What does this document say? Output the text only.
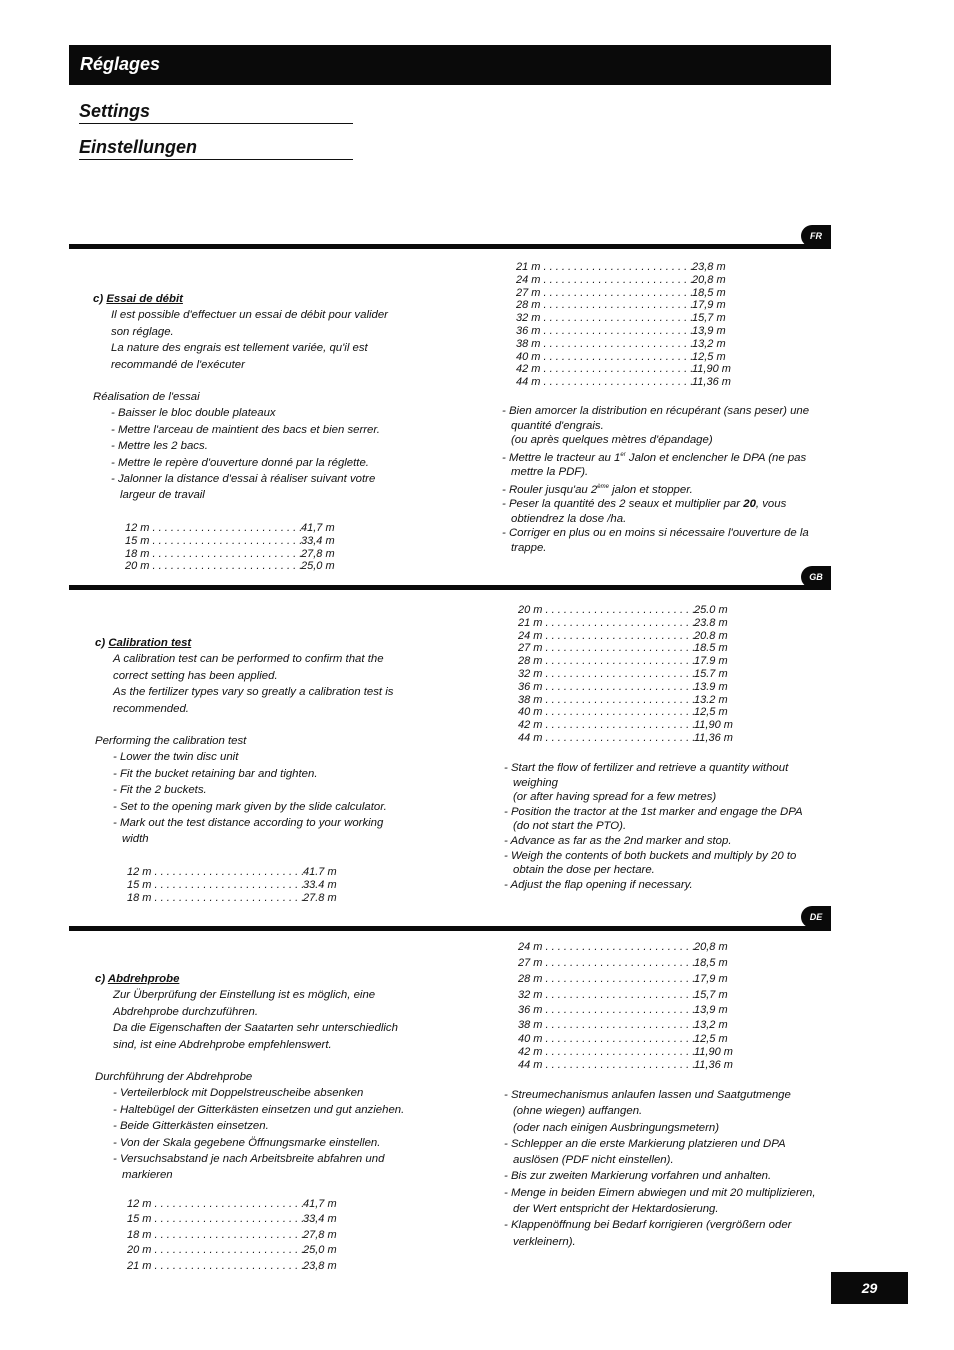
Réglages
Settings
Einstellungen
FR

c) Essai de débit

Il est possible d'effectuer un essai de débit pour valider

son réglage.

La nature des engrais est tellement variée, qu'il est

recommandé de l'exécuter

Réalisation de l'essai

- Baisser le bloc double plateaux

- Mettre l'arceau de maintient des bacs et bien serrer.

- Mettre les 2 bacs.

- Mettre le repère d'ouverture donné par la réglette.

- Jalonner la distance d'essai à réaliser suivant votre

largeur de travail

12 m . . .	41,7 m
15 m . . .	33,4 m
18 m . . .	27,8 m
20 m . . .	25,0 m
21 m . . .	23,8 m
24 m . . .	20,8 m
27 m . . .	18,5 m
28 m . . .	17,9 m
32 m . . .	15,7 m
36 m . . .	13,9 m
38 m . . .	13,2 m
40 m . . .	12,5 m
42 m . . .	11,90 m
44 m . . .	11,36 m

- Bien amorcer la distribution en récupérant (sans peser) une quantité d'engrais.

(ou après quelques mètres d'épandage)

- Mettre le tracteur au 1er Jalon et enclencher le DPA (ne pas mettre la PDF).

- Rouler jusqu'au 2ème jalon et stopper.

- Peser la quantité des 2 seaux et multiplier par 20, vous obtiendrez la dose /ha.

- Corriger en plus ou en moins si nécessaire l'ouverture de la trappe.

GB

c) Calibration test

A calibration test can be performed to confirm that the

correct setting has been applied.

As the fertilizer types vary so greatly a calibration test is

recommended.

Performing the calibration test

- Lower the twin disc unit

- Fit the bucket retaining bar and tighten.

- Fit the 2 buckets.

- Set to the opening mark given by the slide calculator.

- Mark out the test distance according to your working

width

12 m . . .	41.7 m
15 m . . .	33.4 m
18 m . . .	27.8 m
20 m . . .	25.0 m
21 m . . .	23.8 m
24 m . . .	20.8 m
27 m . . .	18.5 m
28 m . . .	17.9 m
32 m . . .	15.7 m
36 m . . .	13.9 m
38 m . . .	13.2 m
40 m . . .	12,5 m
42 m . . .	11,90 m
44 m . . .	11,36 m

- Start the flow of fertilizer and retrieve a quantity without weighing

(or after having spread for a few metres)

- Position the tractor at the 1st marker and engage the DPA (do not start the PTO).

- Advance as far as the 2nd marker and stop.

- Weigh the contents of both buckets and multiply by 20 to obtain the dose per hectare.

- Adjust the flap opening if necessary.

DE

c) Abdrehprobe

Zur Überprüfung der Einstellung ist es möglich, eine

Abdrehprobe durchzuführen.

Da die Eigenschaften der Saatarten sehr unterschiedlich

sind, ist eine Abdrehprobe empfehlenswert.

Durchführung der Abdrehprobe

- Verteilerblock mit Doppelstreuscheibe absenken

- Haltebügel der Gitterkästen einsetzen und gut anziehen.

- Beide Gitterkästen einsetzen.

- Von der Skala gegebene Öffnungsmarke einstellen.

- Versuchsabstand je nach Arbeitsbreite abfahren und

markieren

12 m . . .	41,7 m
15 m . . .	33,4 m
18 m . . .	27,8 m
20 m . . .	25,0 m
21 m . . .	23,8 m
24 m . . .	20,8 m
27 m . . .	18,5 m
28 m . . .	17,9 m
32 m . . .	15,7 m
36 m . . .	13,9 m
38 m . . .	13,2 m
40 m . . .	12,5 m
42 m . . .	11,90 m
44 m . . .	11,36 m

- Streumechanismus anlaufen lassen und Saatgutmenge (ohne wiegen) auffangen.

(oder nach einigen Ausbringungsmetern)

- Schlepper an die erste Markierung platzieren und DPA auslösen (PDF nicht einstellen).

- Bis zur zweiten Markierung vorfahren und anhalten.

- Menge in beiden Eimern abwiegen und mit 20 multiplizieren, der Wert entspricht der Hektardosierung.

- Klappenöffnung bei Bedarf korrigieren (vergrößern oder verkleinern).

29
